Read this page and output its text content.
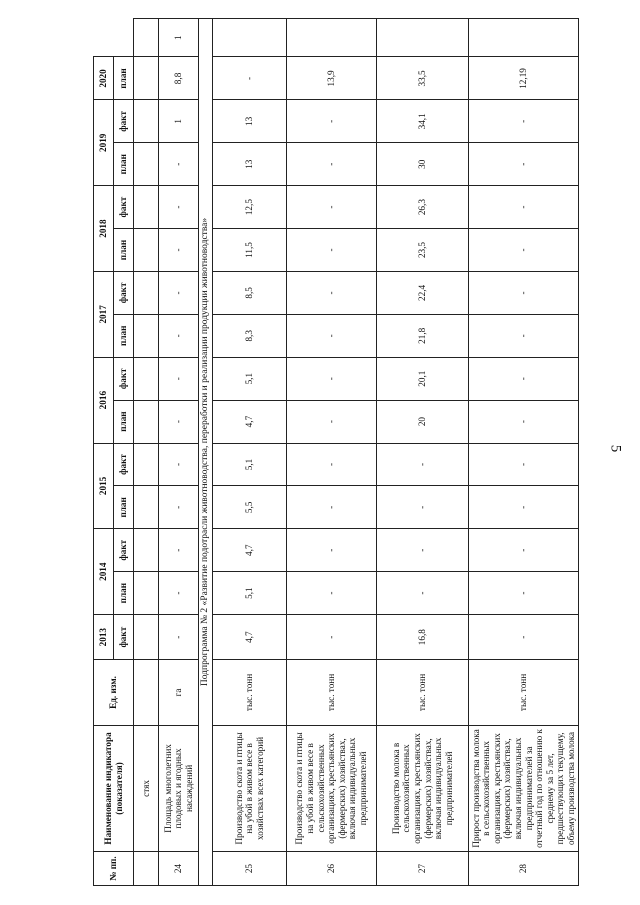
5
№ пп.	Наименование индикатора (показателя)	Ед. изм.	2013	2014		2015		2016		2017		2018		2019		2020	
			факт	план	факт	план	факт	план	факт	план	факт	план	факт	план	факт	план	
	стях																
24	Площадь многолетних плодовых и ягодных насаждений	га	-	-	-	-	-	-	-	-	-	-	-	-	1	8,8	1
Подпрограмма № 2 «Развитие подотрасли животноводства, переработки и реализации продукции животноводства»																	
25	Производство скота и птицы на убой в живом весе в хозяйствах всех категорий	тыс. тонн	4,7	5,1	4,7	5,5	5,1	4,7	5,1	8,3	8,5	11,5	12,5	13	13	-	
26	Производство скота и птицы на убой в живом весе в сельскохозяйственных организациях, крестьянских (фермерских) хозяйствах, включая индивидуальных предпринимателей	тыс. тонн	-	-	-	-	-	-	-	-	-	-	-	-	-	13,9	
27	Производство молока в сельскохозяйственных организациях, крестьянских (фермерских) хозяйствах, включая индивидуальных предпринимателей	тыс. тонн	16,8	-	-	-	-	20	20,1	21,8	22,4	23,5	26,3	30	34,1	33,5	
28	Прирост производства молока в сельскохозяйственных организациях, крестьянских (фермерских) хозяйствах, включая индивидуальных предпринимателей за отчетный год по отношению к среднему за 5 лет, предшествующих текущему, объему производства молока	тыс. тонн	-	-	-	-	-	-	-	-	-	-	-	-	-	12,19	
